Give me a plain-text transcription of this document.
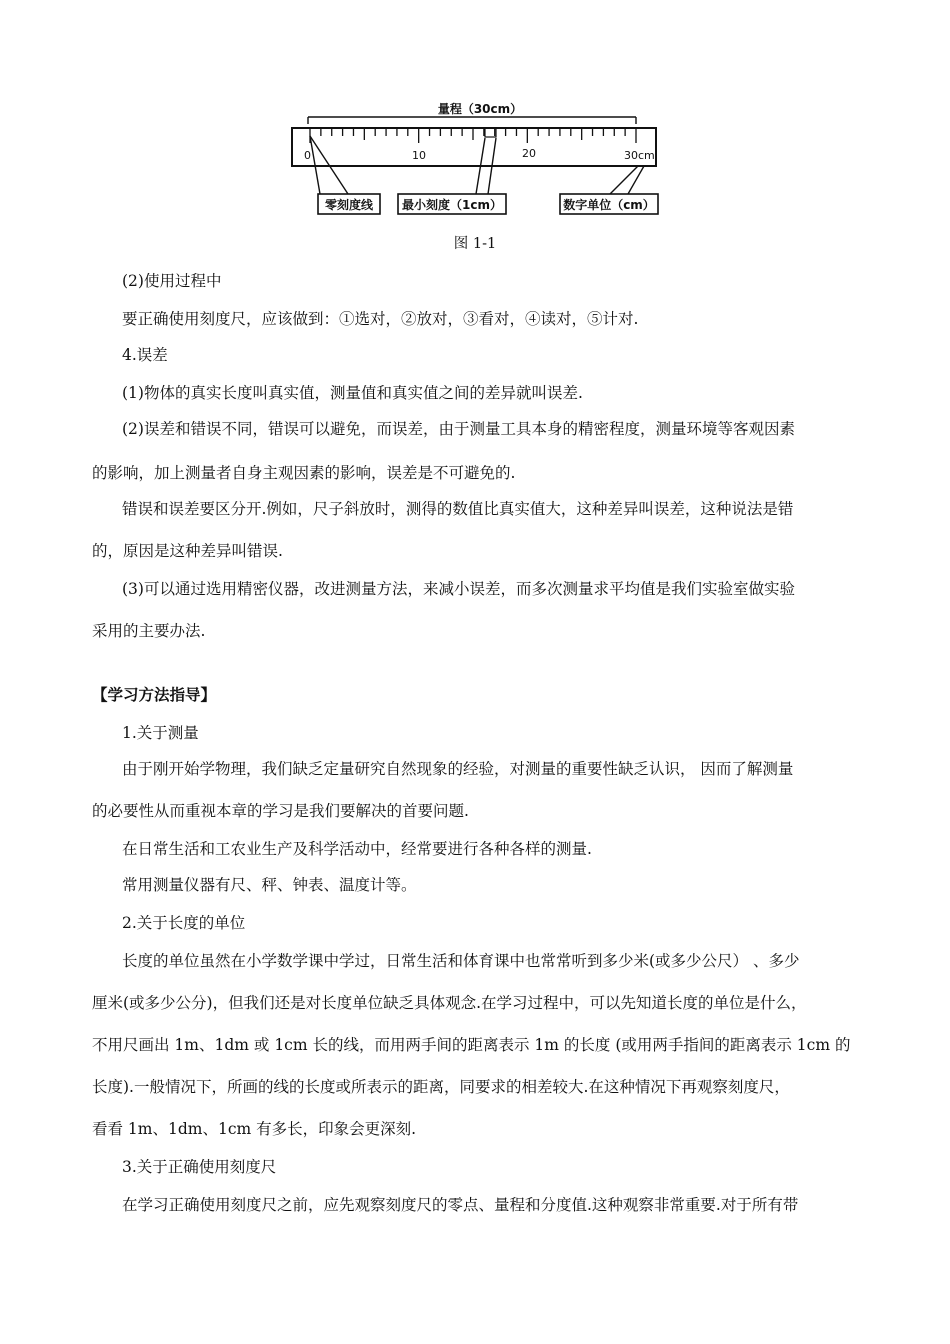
量程（30cm）
0	10	20	30cm
零刻度线 最小刻度（1cm）	数字单位（cm）

图 1-1

(2)使用过程中

要正确使用刻度尺，应该做到：①选对，②放对，③看对，④读对，⑤计对.

4.误差

(1)物体的真实长度叫真实值，测量值和真实值之间的差异就叫误差.

(2)误差和错误不同，错误可以避免，而误差，由于测量工具本身的精密程度，测量环境等客观因素

的影响，加上测量者自身主观因素的影响，误差是不可避免的.

错误和误差要区分开.例如，尺子斜放时，测得的数值比真实值大，这种差异叫误差，这种说法是错

的，原因是这种差异叫错误.

(3)可以通过选用精密仪器，改进测量方法，来减小误差，而多次测量求平均值是我们实验室做实验

采用的主要办法.

【学习方法指导】

1.关于测量

由于刚开始学物理，我们缺乏定量研究自然现象的经验，对测量的重要性缺乏认识， 因而了解测量

的必要性从而重视本章的学习是我们要解决的首要问题.

在日常生活和工农业生产及科学活动中，经常要进行各种各样的测量.

常用测量仪器有尺、秤、钟表、温度计等。

2.关于长度的单位

长度的单位虽然在小学数学课中学过，日常生活和体育课中也常常听到多少米(或多少公尺） 、多少

厘米(或多少公分)，但我们还是对长度单位缺乏具体观念.在学习过程中，可以先知道长度的单位是什么，

不用尺画出 1m、1dm 或 1cm 长的线，而用两手间的距离表示 1m 的长度 (或用两手指间的距离表示 1cm 的

长度).一般情况下，所画的线的长度或所表示的距离，同要求的相差较大.在这种情况下再观察刻度尺，

看看 1m、1dm、1cm 有多长，印象会更深刻.

3.关于正确使用刻度尺

在学习正确使用刻度尺之前，应先观察刻度尺的零点、量程和分度值.这种观察非常重要.对于所有带
